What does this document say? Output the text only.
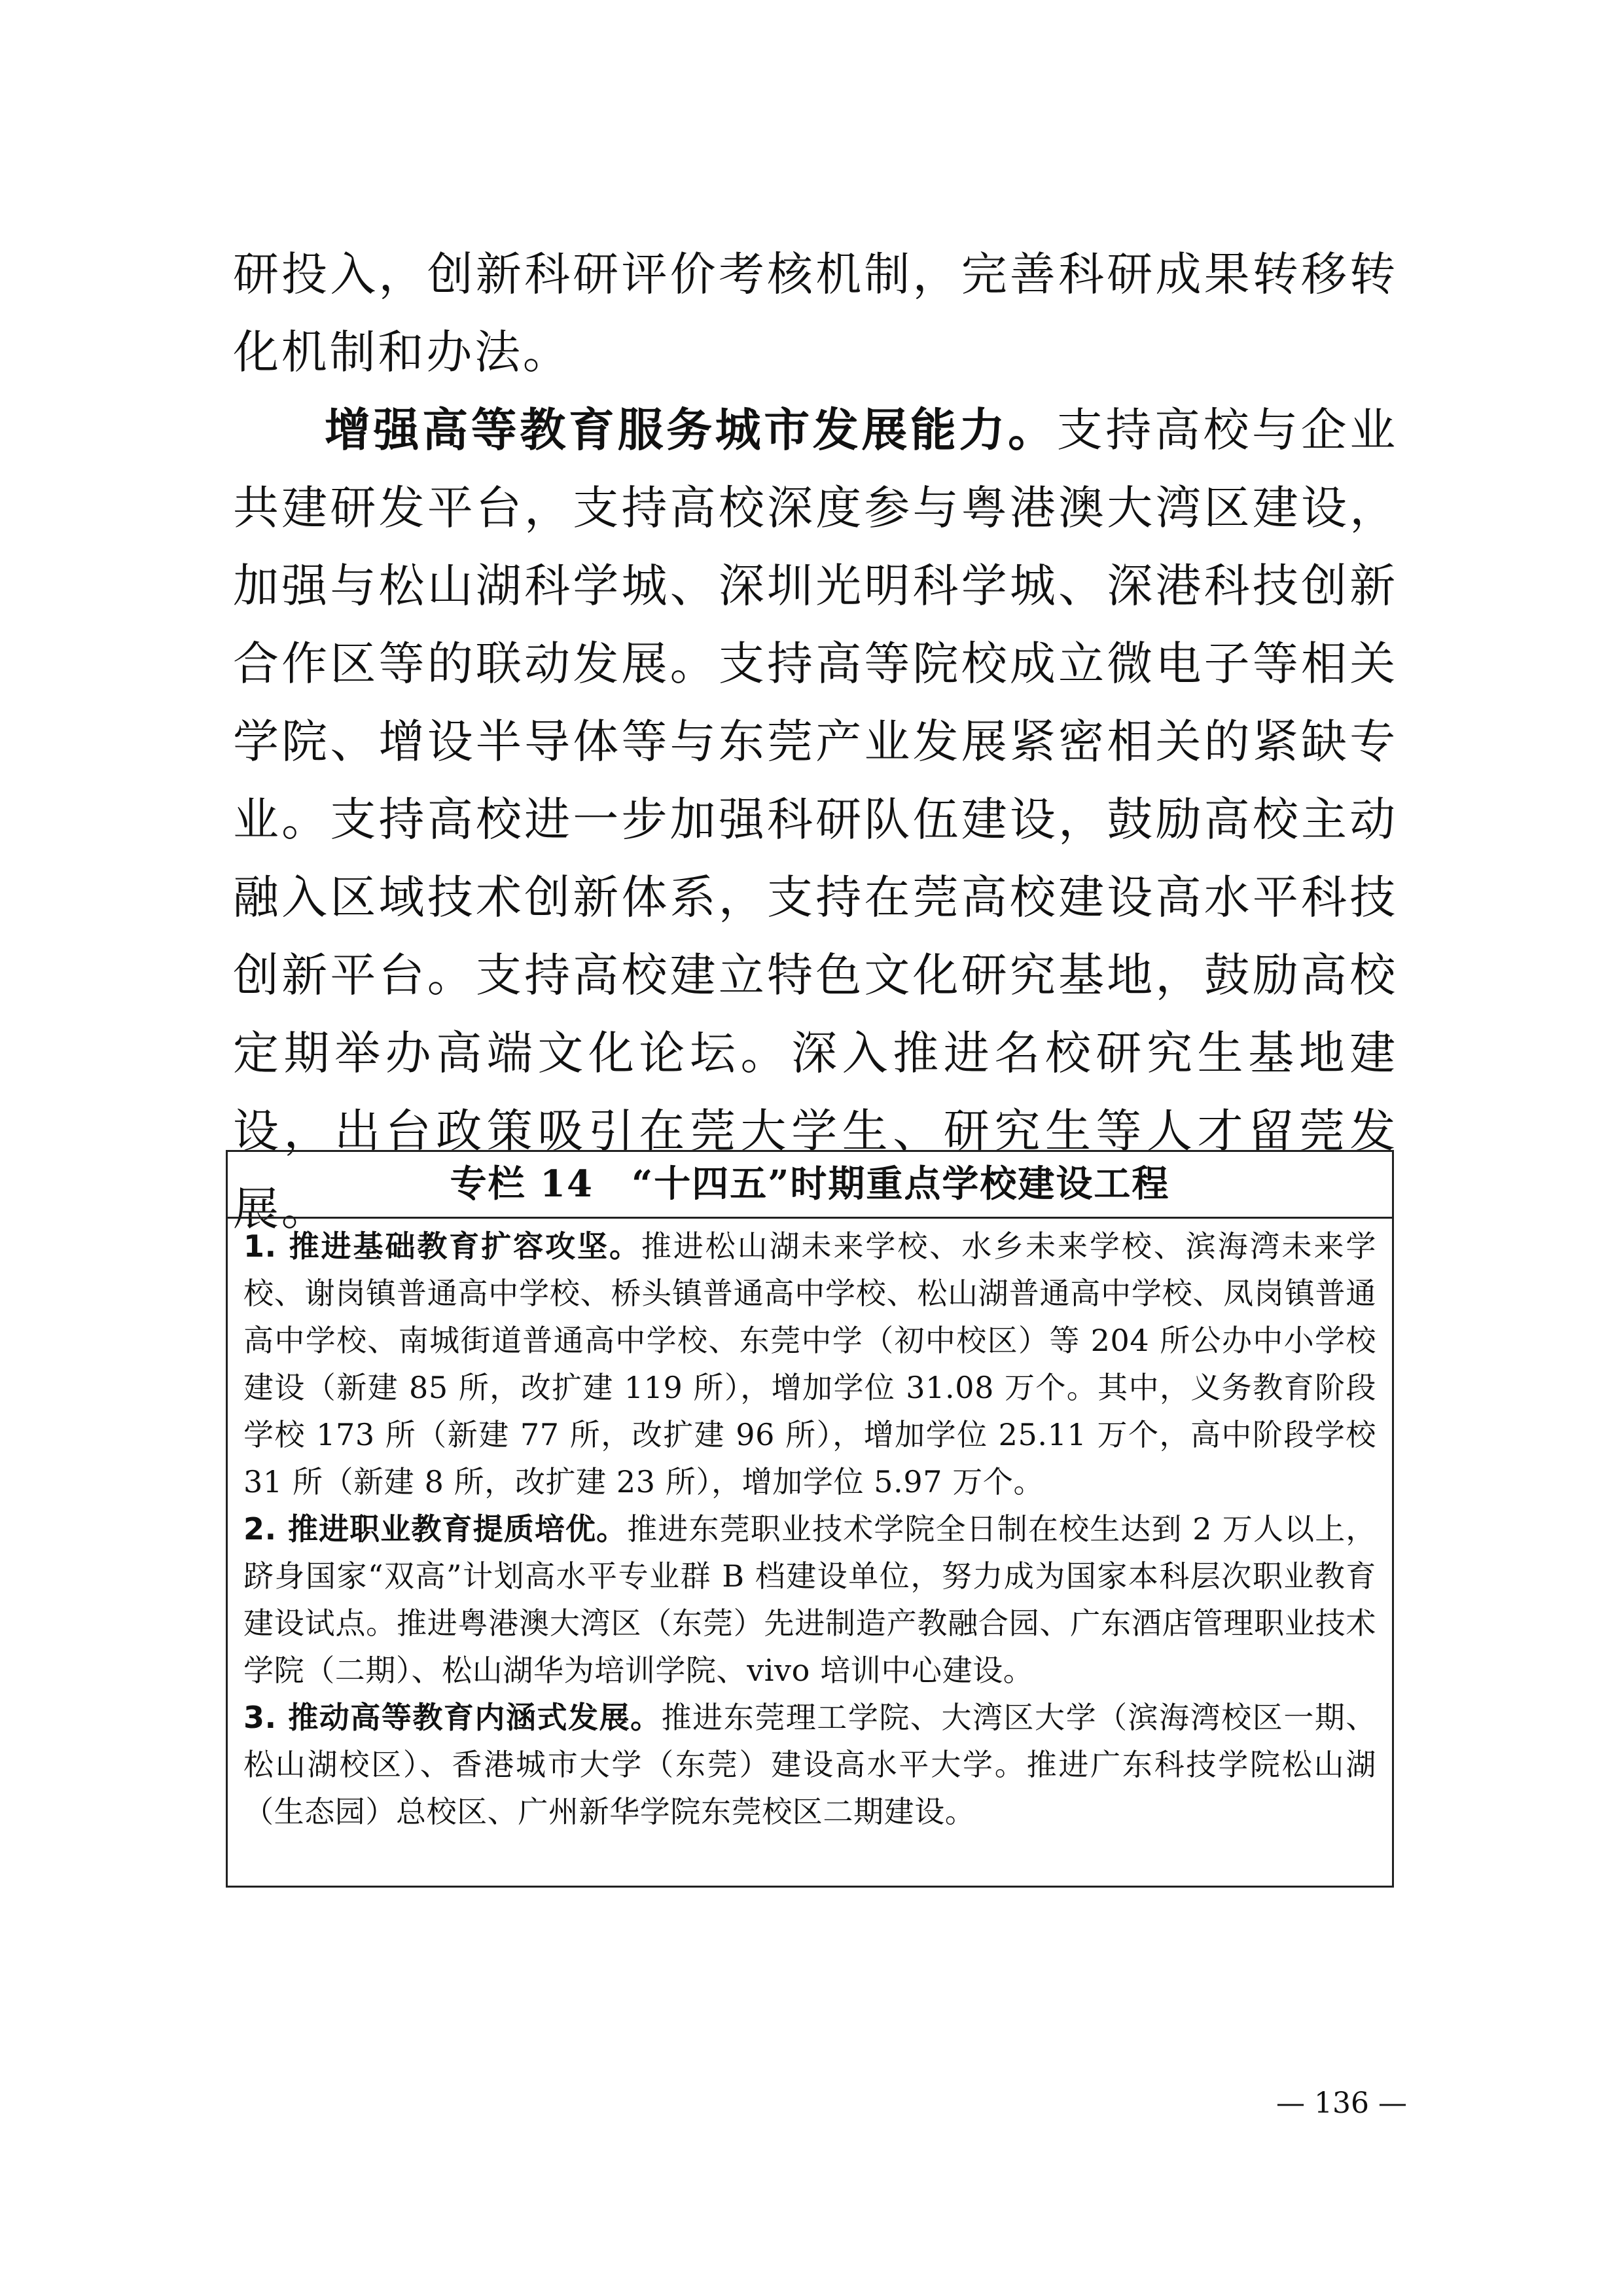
研投入，创新科研评价考核机制，完善科研成果转移转化机制和办法。

增强高等教育服务城市发展能力。支持高校与企业共建研发平台，支持高校深度参与粤港澳大湾区建设，加强与松山湖科学城、深圳光明科学城、深港科技创新合作区等的联动发展。支持高等院校成立微电子等相关学院、增设半导体等与东莞产业发展紧密相关的紧缺专业。支持高校进一步加强科研队伍建设，鼓励高校主动融入区域技术创新体系，支持在莞高校建设高水平科技创新平台。支持高校建立特色文化研究基地，鼓励高校定期举办高端文化论坛。深入推进名校研究生基地建设，出台政策吸引在莞大学生、研究生等人才留莞发展。	专栏 14 “十四五”时期重点学校建设工程

1. 推进基础教育扩容攻坚。推进松山湖未来学校、水乡未来学校、滨海湾未来学校、谢岗镇普通高中学校、桥头镇普通高中学校、松山湖普通高中学校、凤岗镇普通高中学校、南城街道普通高中学校、东莞中学（初中校区）等 204 所公办中小学校建设（新建 85 所，改扩建 119 所），增加学位 31.08 万个。其中，义务教育阶段学校 173 所（新建 77 所，改扩建 96 所），增加学位 25.11 万个，高中阶段学校 31 所（新建 8 所，改扩建 23 所），增加学位 5.97 万个。

2. 推进职业教育提质培优。推进东莞职业技术学院全日制在校生达到 2 万人以上，跻身国家“双高”计划高水平专业群 B 档建设单位，努力成为国家本科层次职业教育建设试点。推进粤港澳大湾区（东莞）先进制造产教融合园、广东酒店管理职业技术学院（二期）、松山湖华为培训学院、vivo 培训中心建设。

3. 推动高等教育内涵式发展。推进东莞理工学院、大湾区大学（滨海湾校区一期、松山湖校区）、香港城市大学（东莞）建设高水平大学。推进广东科技学院松山湖（生态园）总校区、广州新华学院东莞校区二期建设。

— 136 —
